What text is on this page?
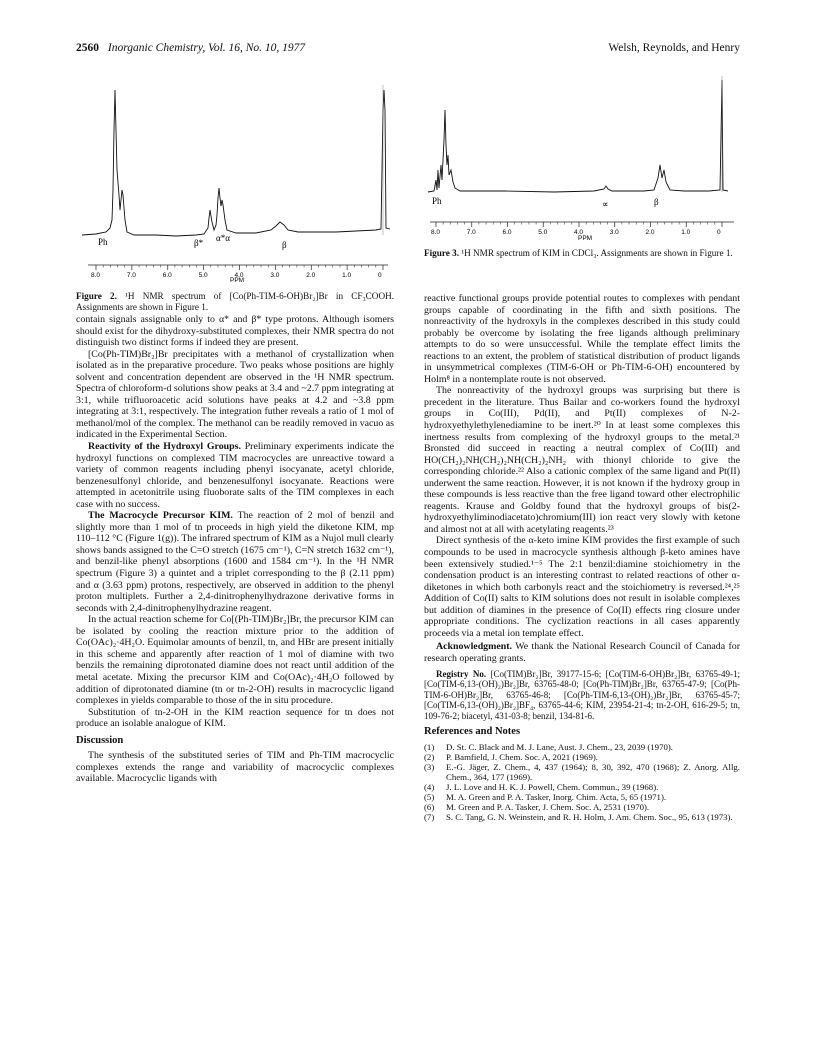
2560 Inorganic Chemistry, Vol. 16, No. 10, 1977	Welsh, Reynolds, and Henry
8.0	7.0	6.0	5.0	4.0	3.0	2.0	1.0	0
Ph	β* α*α
β
PPM
Figure 2. ¹H NMR spectrum of [Co(Ph-TIM-6-OH)Br₂]Br in CF₃COOH. Assignments are shown in Figure 1.
8.0	7.0	6.0	5.0	4.0	3.0	2.0	1.0	0
Ph	∝	β
PPM
Figure 3. ¹H NMR spectrum of KIM in CDCl₃. Assignments are shown in Figure 1.

contain signals assignable only to α* and β* type protons. Although isomers should exist for the dihydroxy-substituted complexes, their NMR spectra do not distinguish two distinct forms if indeed they are present.

[Co(Ph-TIM)Br₂]Br precipitates with a methanol of crystallization when isolated as in the preparative procedure. Two peaks whose positions are highly solvent and concentration dependent are observed in the ¹H NMR spectrum. Spectra of chloroform-d solutions show peaks at 3.4 and ~2.7 ppm integrating at 3:1, while trifluoroacetic acid solutions have peaks at 4.2 and ~3.8 ppm integrating at 3:1, respectively. The integration futher reveals a ratio of 1 mol of methanol/mol of the complex. The methanol can be readily removed in vacuo as indicated in the Experimental Section.

Reactivity of the Hydroxyl Groups. Preliminary experiments indicate the hydroxyl functions on complexed TIM macrocycles are unreactive toward a variety of common reagents including phenyl isocyanate, acetyl chloride, benzenesulfonyl chloride, and benzenesulfonyl isocyanate. Reactions were attempted in acetonitrile using fluoborate salts of the TIM complexes in each case with no success.

The Macrocycle Precursor KIM. The reaction of 2 mol of benzil and slightly more than 1 mol of tn proceeds in high yield the diketone KIM, mp 110–112 °C (Figure 1(g)). The infrared spectrum of KIM as a Nujol mull clearly shows bands assigned to the C=O stretch (1675 cm⁻¹), C=N stretch 1632 cm⁻¹), and benzil-like phenyl absorptions (1600 and 1584 cm⁻¹). In the ¹H NMR spectrum (Figure 3) a quintet and a triplet corresponding to the β (2.11 ppm) and α (3.63 ppm) protons, respectively, are observed in addition to the phenyl proton multiplets. Further a 2,4-dinitrophenylhydrazone derivative forms in seconds with 2,4-dinitrophenylhydrazine reagent.

In the actual reaction scheme for Co[(Ph-TIM)Br₂]Br, the precursor KIM can be isolated by cooling the reaction mixture prior to the addition of Co(OAc)₂·4H₂O. Equimolar amounts of benzil, tn, and HBr are present initially in this scheme and apparently after reaction of 1 mol of diamine with two benzils the remaining diprotonated diamine does not react until addition of the metal acetate. Mixing the precursor KIM and Co(OAc)₂·4H₂O followed by addition of diprotonated diamine (tn or tn-2-OH) results in macrocyclic ligand complexes in yields comparable to those of the in situ procedure.

Substitution of tn-2-OH in the KIM reaction sequence for tn does not produce an isolable analogue of KIM.

Discussion

The synthesis of the substituted series of TIM and Ph-TIM macrocyclic complexes extends the range and variability of macrocyclic complexes available. Macrocyclic ligands with

reactive functional groups provide potential routes to complexes with pendant groups capable of coordinating in the fifth and sixth positions. The nonreactivity of the hydroxyls in the complexes described in this study could probably be overcome by isolating the free ligands although preliminary attempts to do so were unsuccessful. While the template effect limits the reactions to an extent, the problem of statistical distribution of product ligands in unsymmetrical complexes (TIM-6-OH or Ph-TIM-6-OH) encountered by Holm⁸ in a nontemplate route is not observed.

The nonreactivity of the hydroxyl groups was surprising but there is precedent in the literature. Thus Bailar and co-workers found the hydroxyl groups in Co(III), Pd(II), and Pt(II) complexes of N-2-hydroxyethylethylenediamine to be inert.²⁰ In at least some complexes this inertness results from complexing of the hydroxyl groups to the metal.²¹ Bronsted did succeed in reacting a neutral complex of Co(III) and HO(CH₂)₂NH(CH₂)₂NH(CH₂)₂NH₂ with thionyl chloride to give the corresponding chloride.²² Also a cationic complex of the same ligand and Pt(II) underwent the same reaction. However, it is not known if the hydroxy group in these compounds is less reactive than the free ligand toward other electrophilic reagents. Krause and Goldby found that the hydroxyl groups of bis(2-hydroxyethyliminodiacetato)chromium(III) ion react very slowly with ketone and almost not at all with acetylating reagents.²³

Direct synthesis of the α-keto imine KIM provides the first example of such compounds to be used in macrocycle synthesis although β-keto amines have been extensively studied.¹⁻⁵ The 2:1 benzil:diamine stoichiometry in the condensation product is an interesting contrast to related reactions of other α-diketones in which both carbonyls react and the stoichiometry is reversed.²⁴,²⁵ Addition of Co(II) salts to KIM solutions does not result in isolable complexes but addition of diamines in the presence of Co(II) effects ring closure under appropriate conditions. The cyclization reactions in all cases apparently proceeds via a metal ion template effect.

Acknowledgment. We thank the National Research Council of Canada for research operating grants.

Registry No. [Co(TIM)Br₂]Br, 39177-15-6; [Co(TIM-6-OH)Br₂]Br, 63765-49-1; [Co(TIM-6,13-(OH)₂)Br₂]Br, 63765-48-0; [Co(Ph-TIM)Br₂]Br, 63765-47-9; [Co(Ph-TIM-6-OH)Br₂]Br, 63765-46-8; [Co(Ph-TIM-6,13-(OH)₂)Br₂]Br, 63765-45-7; [Co(TIM-6,13-(OH)₂)Br₂]BF₄, 63765-44-6; KIM, 23954-21-4; tn-2-OH, 616-29-5; tn, 109-76-2; biacetyl, 431-03-8; benzil, 134-81-6.

References and Notes
(1) D. St. C. Black and M. J. Lane, Aust. J. Chem., 23, 2039 (1970).
(2) P. Bamfield, J. Chem. Soc. A, 2021 (1969).
(3) E.-G. Jäger, Z. Chem., 4, 437 (1964); 8, 30, 392, 470 (1968); Z. Anorg. Allg. Chem., 364, 177 (1969).
(4) J. L. Love and H. K. J. Powell, Chem. Commun., 39 (1968).
(5) M. A. Green and P. A. Tasker, Inorg. Chim. Acta, 5, 65 (1971).
(6) M. Green and P. A. Tasker, J. Chem. Soc. A, 2531 (1970).
(7) S. C. Tang, G. N. Weinstein, and R. H. Holm, J. Am. Chem. Soc., 95, 613 (1973).
